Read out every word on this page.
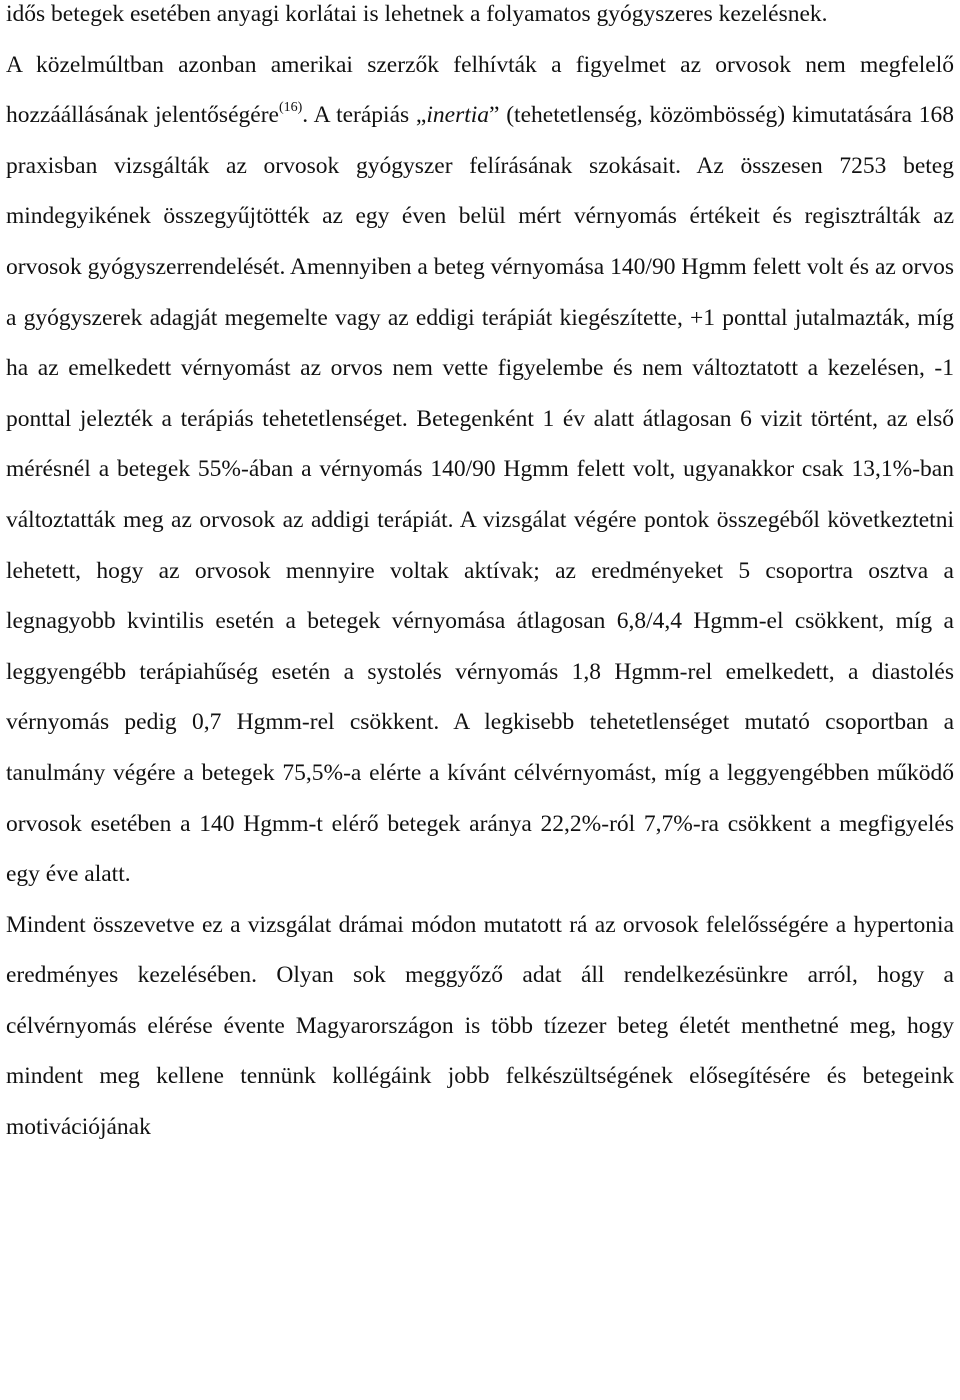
idős betegek esetében anyagi korlátai is lehetnek a folyamatos gyógyszeres kezelésnek.
A közelmúltban azonban amerikai szerzők felhívták a figyelmet az orvosok nem megfelelő hozzáállásának jelentőségére$^{(16)}$. A terápiás „inertia” (tehetetlenség, közömbösség) kimutatására 168 praxisban vizsgálták az orvosok gyógyszer felírásának szokásait. Az összesen 7253 beteg mindegyikének összegyűjtötték az egy éven belül mért vérnyomás értékeit és regisztrálták az orvosok gyógyszerrendelését. Amennyiben a beteg vérnyomása 140/90 Hgmm felett volt és az orvos a gyógyszerek adagját megemelte vagy az eddigi terápiát kiegészítette, +1 ponttal jutalmazták, míg ha az emelkedett vérnyomást az orvos nem vette figyelembe és nem változtatott a kezelésen, -1 ponttal jelezték a terápiás tehetetlenséget. Betegenként 1 év alatt átlagosan 6 vizit történt, az első mérésnél a betegek 55%-ában a vérnyomás 140/90 Hgmm felett volt, ugyanakkor csak 13,1%-ban változtatták meg az orvosok az addigi terápiát. A vizsgálat végére pontok összegéből következtetni lehetett, hogy az orvosok mennyire voltak aktívak; az eredményeket 5 csoportra osztva a legnagyobb kvintilis esetén a betegek vérnyomása átlagosan 6,8/4,4 Hgmm-el csökkent, míg a leggyengébb terápiahűség esetén a systolés vérnyomás 1,8 Hgmm-rel emelkedett, a diastolés vérnyomás pedig 0,7 Hgmm-rel csökkent. A legkisebb tehetetlenséget mutató csoportban a tanulmány végére a betegek 75,5%-a elérte a kívánt célvérnyomást, míg a leggyengébben működő orvosok esetében a 140 Hgmm-t elérő betegek aránya 22,2%-ról 7,7%-ra csökkent a megfigyelés egy éve alatt.

Mindent összevetve ez a vizsgálat drámai módon mutatott rá az orvosok felelősségére a hypertonia eredményes kezelésében. Olyan sok meggyőző adat áll rendelkezésünkre arról, hogy a célvérnyomás elérése évente Magyarországon is több tízezer beteg életét menthetné meg, hogy mindent meg kellene tennünk kollégáink jobb felkészültségének elősegítésére és betegeink motivációjának
